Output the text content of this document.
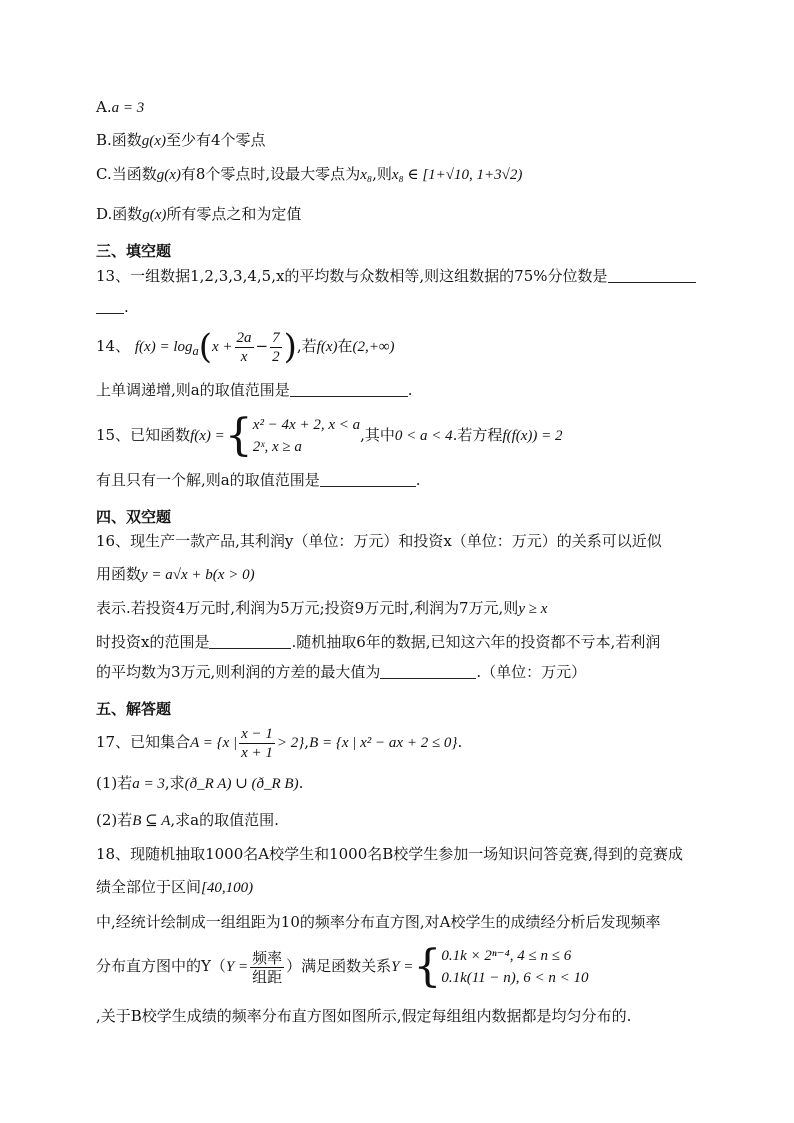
A.a = 3
B.函数g(x)至少有4个零点
C.当函数g(x)有8个零点时,设最大零点为x₈,则x₈ ∈ [1+√10, 1+3√2)
D.函数g(x)所有零点之和为定值
三、填空题
13、一组数据1,2,3,3,4,5,x的平均数与众数相等,则这组数据的75%分位数是
.
14、 $f(x) = \log_a(x + \frac{2a}{x} - \frac{7}{2}$ ),若f(x)在(2,+∞)
上单调递增,则a的取值范围是	.
15、已知函数f(x) ={ x² − 4x + 2, x < a
2ˣ, x ≥ a
,其中0 < a < 4.若方程f(f(x)) = 2
有且只有一个解,则a的取值范围是	.
四、双空题
16、现生产一款产品,其利润y（单位：万元）和投资x（单位：万元）的关系可以近似
用函数y = a√x + b(x > 0)
表示.若投资4万元时,利润为5万元;投资9万元时,利润为7万元,则y ≥ x
时投资x的范围是	.随机抽取6年的数据,已知这六年的投资都不亏本,若利润
的平均数为3万元,则利润的方差的最大值为	.（单位：万元）
五、解答题
17、已知集合A = {x | $\frac{x - 1}{x + 1} > 2\},B = \{x$ | x² − ax + 2 ≤ 0}.
(1)若a = 3,求(ð_R A) ∪ (ð_R B).
(2)若B ⊆ A,求a的取值范围.
18、现随机抽取1000名A校学生和1000名B校学生参加一场知识问答竞赛,得到的竞赛成
绩全部位于区间[40,100)
中,经统计绘制成一组组距为10的频率分布直方图,对A校学生的成绩经分析后发现频率
分布直方图中的$Y(Y = \frac{\text{频率}}{\text{组距}}$ ）满足函数关系Y ={ 0.1k × 2ⁿ⁻⁴, 4 ≤ n ≤ 6
0.1k(11 − n), 6 < n < 10
,关于B校学生成绩的频率分布直方图如图所示,假定每组组内数据都是均匀分布的.
